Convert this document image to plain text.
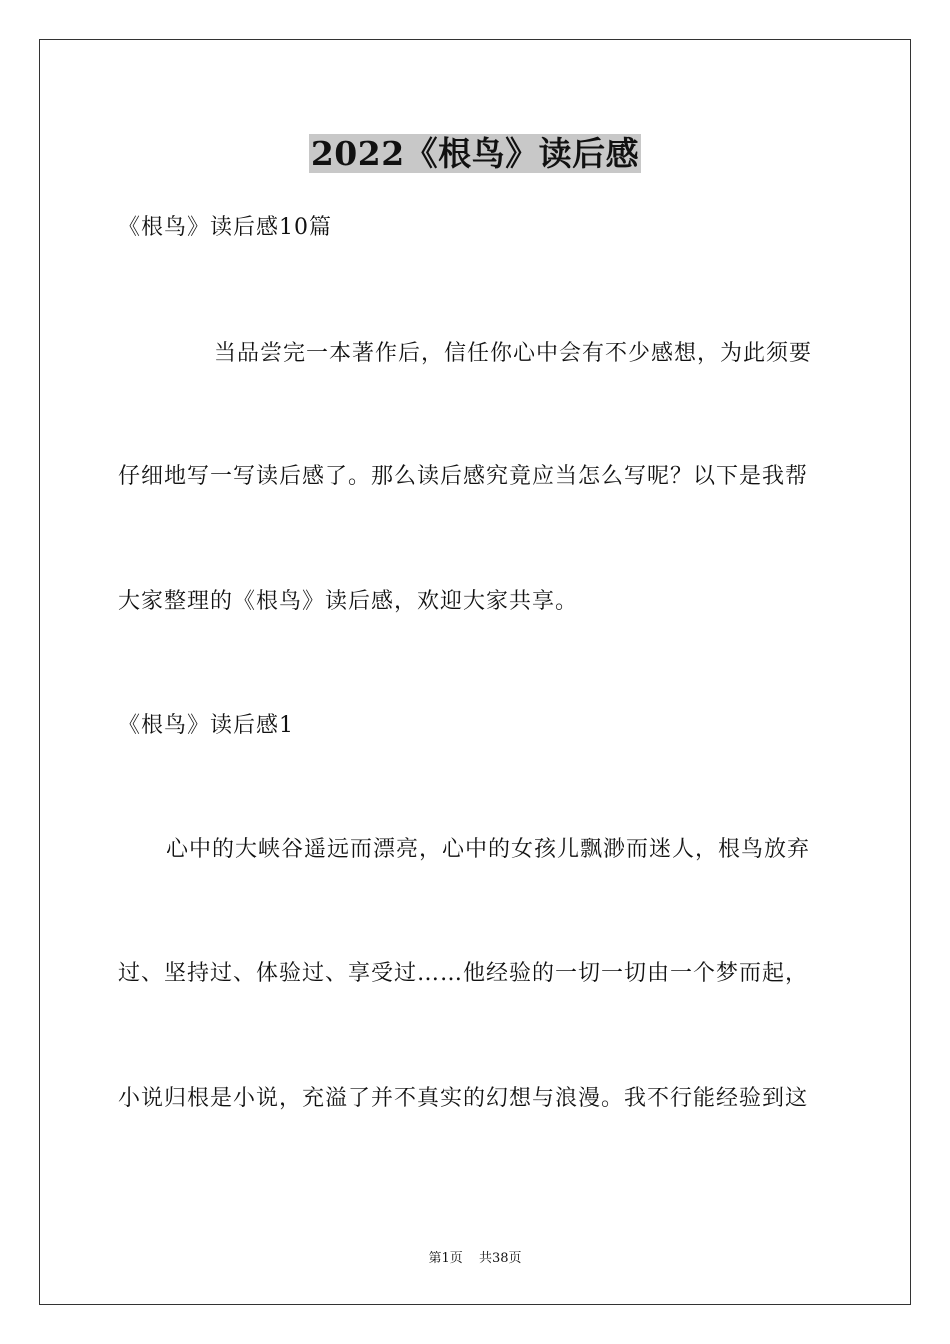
2022《根鸟》读后感
《根鸟》读后感10篇
当品尝完一本著作后，信任你心中会有不少感想，为此须要
仔细地写一写读后感了。那么读后感究竟应当怎么写呢？以下是我帮
大家整理的《根鸟》读后感，欢迎大家共享。
《根鸟》读后感1
心中的大峡谷遥远而漂亮，心中的女孩儿飘渺而迷人，根鸟放弃
过、坚持过、体验过、享受过……他经验的一切一切由一个梦而起，
小说归根是小说，充溢了并不真实的幻想与浪漫。我不行能经验到这
第1页 共38页
